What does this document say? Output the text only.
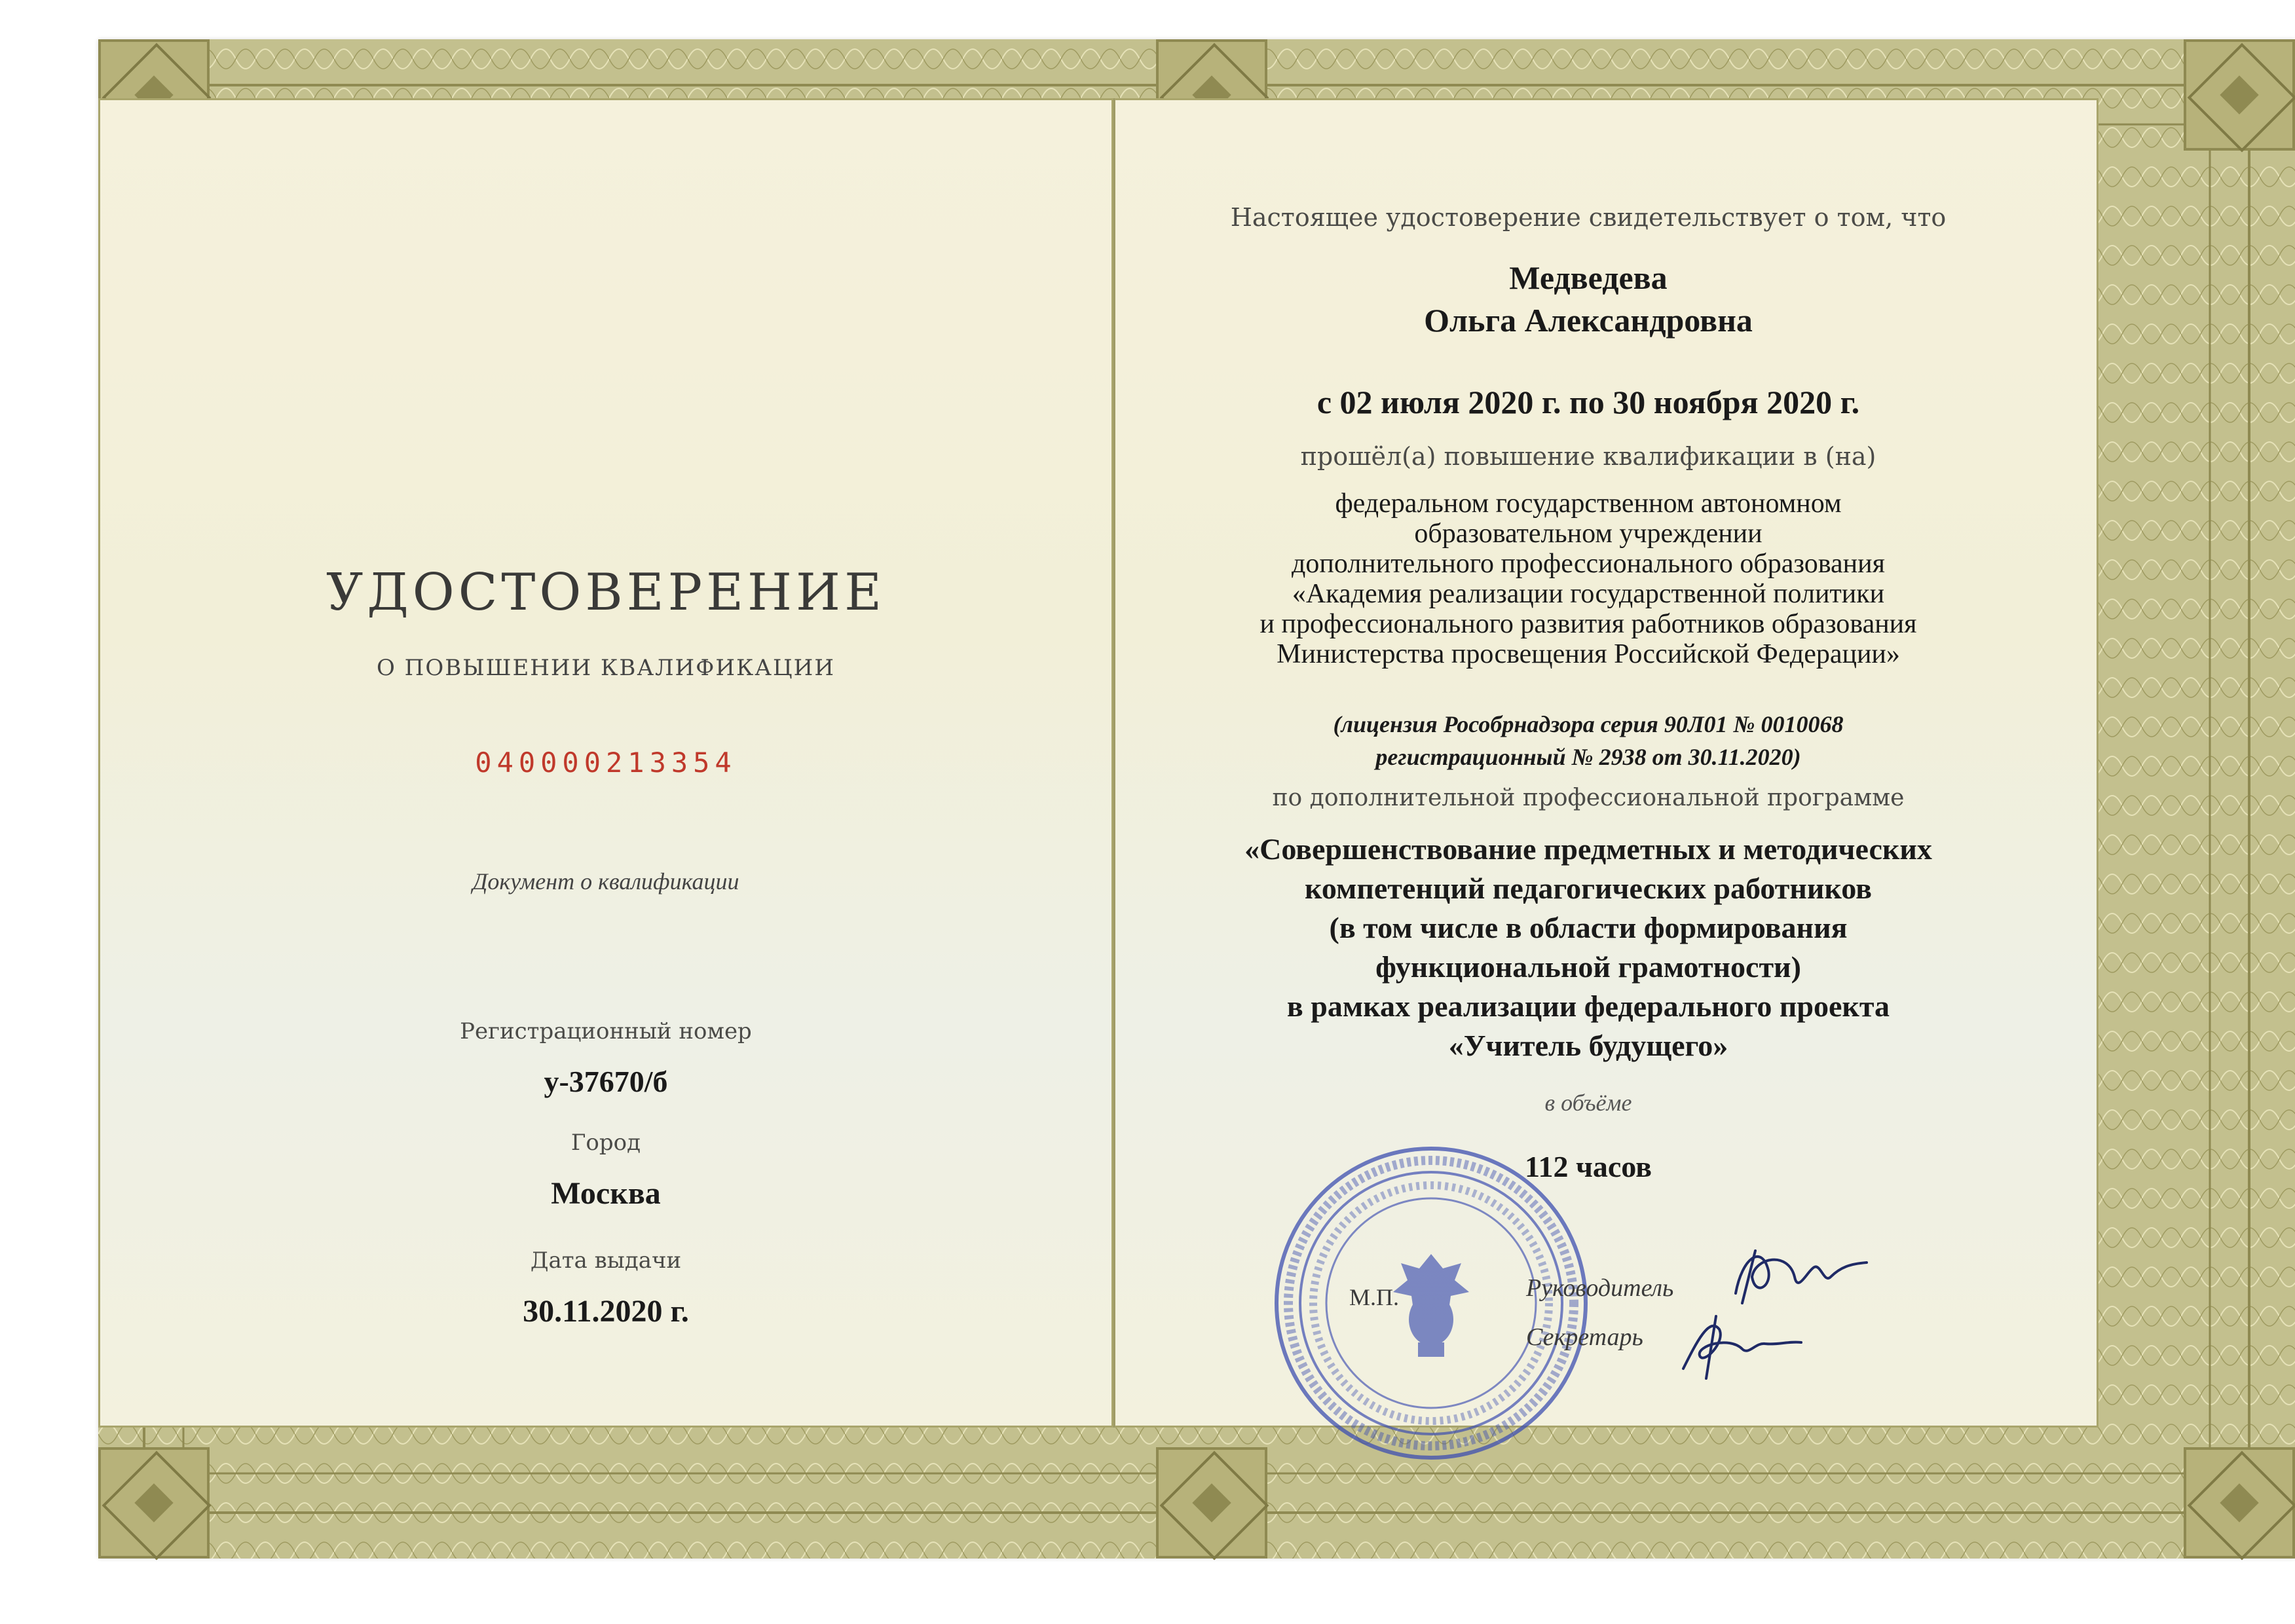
УДОСТОВЕРЕНИЕ
О ПОВЫШЕНИИ КВАЛИФИКАЦИИ
040000213354
Документ о квалификации
Регистрационный номер
у-37670/б
Город
Москва
Дата выдачи
30.11.2020 г.
Настоящее удостоверение свидетельствует о том, что
Медведева
Ольга Александровна
с 02 июля 2020 г. по 30 ноября 2020 г.
прошёл(а) повышение квалификации в (на)
федеральном государственном автономном
образовательном учреждении
дополнительного профессионального образования
«Академия реализации государственной политики
и профессионального развития работников образования
Министерства просвещения Российской Федерации»
(лицензия Рособрнадзора серия 90Л01 № 0010068
регистрационный № 2938 от 30.11.2020)
по дополнительной профессиональной программе
«Совершенствование предметных и методических
компетенций педагогических работников
(в том числе в области формирования
функциональной грамотности)
в рамках реализации федерального проекта
«Учитель будущего»
в объёме
112 часов
М.П.	Руководитель
Секретарь
